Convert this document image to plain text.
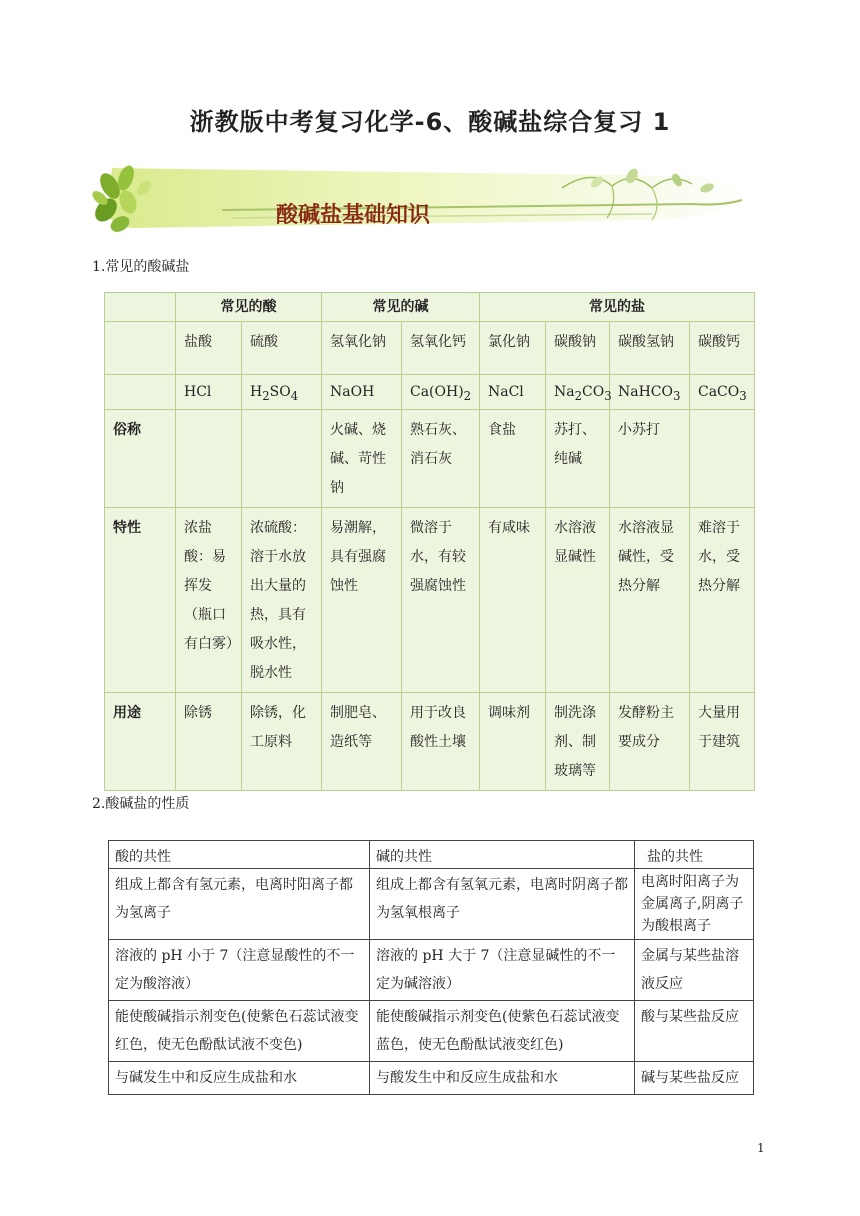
浙教版中考复习化学-6、酸碱盐综合复习 1
酸碱盐基础知识
1.常见的酸碱盐
	常见的酸		常见的碱		常见的盐			
	盐酸	硫酸	氢氧化钠	氢氧化钙	氯化钠	碳酸钠	碳酸氢钠	碳酸钙
	HCl	$H_2SO_4$	NaOH	$Ca(OH)_2$	NaCl	$Na_2CO_3$	NaHCO$_3$	CaCO$_3$
俗称			火碱、烧碱、苛性钠	熟石灰、消石灰	食盐	苏打、纯碱	小苏打	
特性	浓盐酸：易挥发（瓶口有白雾）	浓硫酸：溶于水放出大量的热，具有吸水性，脱水性	易潮解，具有强腐蚀性	微溶于水，有较强腐蚀性	有咸味	水溶液显碱性	水溶液显碱性，受热分解	难溶于水，受热分解
用途	除锈	除锈，化工原料	制肥皂、造纸等	用于改良酸性土壤	调味剂	制洗涤剂、制玻璃等	发酵粉主要成分	大量用于建筑
2.酸碱盐的性质
酸的共性	碱的共性	盐的共性
组成上都含有氢元素，电离时阳离子都为氢离子	组成上都含有氢氧元素，电离时阴离子都为氢氧根离子	电离时阳离子为金属离子,阴离子为酸根离子
溶液的 pH 小于 7（注意显酸性的不一定为酸溶液）	溶液的 pH 大于 7（注意显碱性的不一定为碱溶液）	金属与某些盐溶液反应
能使酸碱指示剂变色(使紫色石蕊试液变红色，使无色酚酞试液不变色)	能使酸碱指示剂变色(使紫色石蕊试液变蓝色，使无色酚酞试液变红色)	酸与某些盐反应
与碱发生中和反应生成盐和水	与酸发生中和反应生成盐和水	碱与某些盐反应
1
